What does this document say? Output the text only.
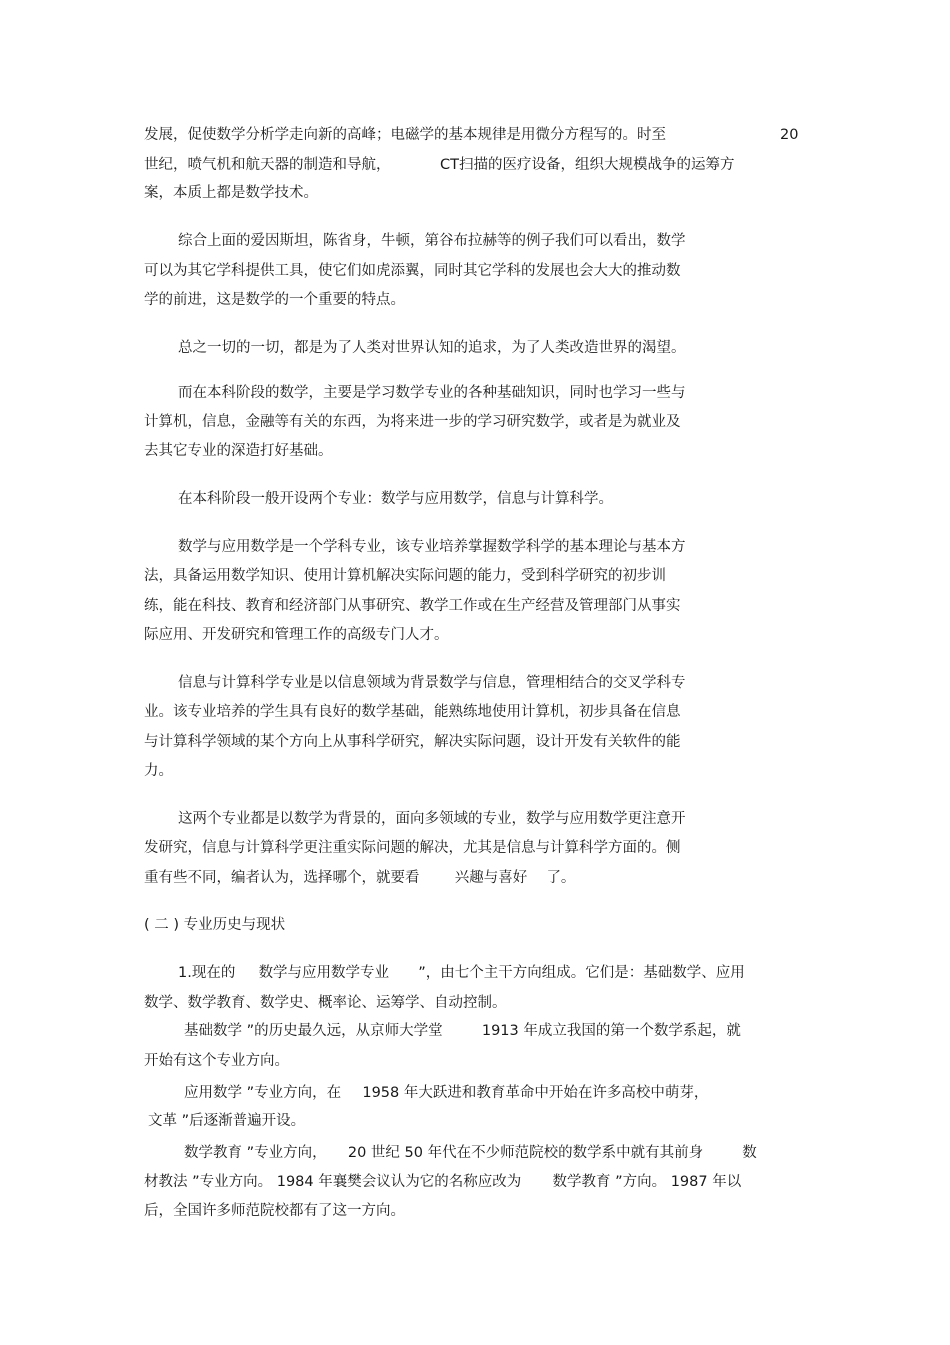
发展，促使数学分析学走向新的高峰；电磁学的基本规律是用微分方程写的。时至	20
世纪，喷气机和航天器的制造和导航，	CT扫描的医疗设备，组织大规模战争的运筹方
案，本质上都是数学技术。
综合上面的爱因斯坦，陈省身，牛顿，第谷布拉赫等的例子我们可以看出，数学
可以为其它学科提供工具，使它们如虎添翼，同时其它学科的发展也会大大的推动数
学的前进，这是数学的一个重要的特点。
总之一切的一切，都是为了人类对世界认知的追求，为了人类改造世界的渴望。
而在本科阶段的数学，主要是学习数学专业的各种基础知识，同时也学习一些与
计算机，信息，金融等有关的东西，为将来进一步的学习研究数学，或者是为就业及
去其它专业的深造打好基础。
在本科阶段一般开设两个专业：数学与应用数学，信息与计算科学。
数学与应用数学是一个学科专业，该专业培养掌握数学科学的基本理论与基本方
法，具备运用数学知识、使用计算机解决实际问题的能力，受到科学研究的初步训
练，能在科技、教育和经济部门从事研究、教学工作或在生产经营及管理部门从事实
际应用、开发研究和管理工作的高级专门人才。
信息与计算科学专业是以信息领域为背景数学与信息，管理相结合的交叉学科专
业。该专业培养的学生具有良好的数学基础，能熟练地使用计算机，初步具备在信息
与计算科学领域的某个方向上从事科学研究，解决实际问题，设计开发有关软件的能
力。
这两个专业都是以数学为背景的，面向多领域的专业，数学与应用数学更注意开
发研究，信息与计算科学更注重实际问题的解决，尤其是信息与计算科学方面的。侧
重有些不同，编者认为，选择哪个，就要看 兴趣与喜好 了。
( 二 ) 专业历史与现状
1.现在的 数学与应用数学专业 ”，由七个主干方向组成。它们是：基础数学、应用
数学、数学教育、数学史、概率论、运筹学、自动控制。
基础数学 ”的历史最久远，从京师大学堂	1913 年成立我国的第一个数学系起，就
开始有这个专业方向。
应用数学 ”专业方向，在 1958 年大跃进和教育革命中开始在许多高校中萌芽，
文革 ”后逐渐普遍开设。
数学教育 ”专业方向， 20 世纪 50 年代在不少师范院校的数学系中就有其前身	数
材教法 ”专业方向。 1984 年襄樊会议认为它的名称应改为 数学教育 ”方向。 1987 年以
后，全国许多师范院校都有了这一方向。
